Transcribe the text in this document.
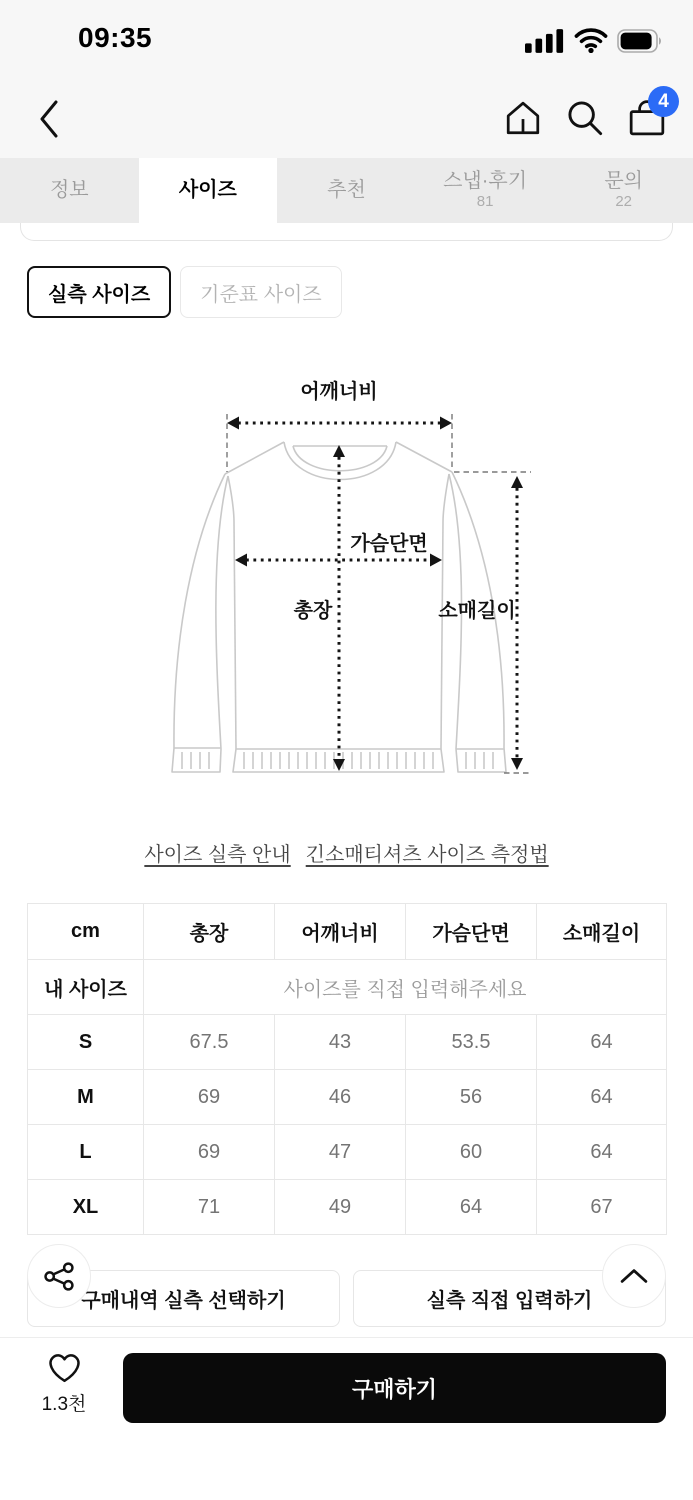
09:35
4
정보	사이즈	추천	스냅·후기
81
문의
22
실측 사이즈	기준표 사이즈
어깨너비
가슴단면
총장	소매길이
사이즈 실측 안내 긴소매티셔츠 사이즈 측정법
cm	총장	어깨너비	가슴단면	소매길이
내 사이즈	사이즈를 직접 입력해주세요			
S	67.5	43	53.5	64
M	69	46	56	64
L	69	47	60	64
XL	71	49	64	67
구매내역 실측 선택하기	실측 직접 입력하기
1.3천
구매하기
